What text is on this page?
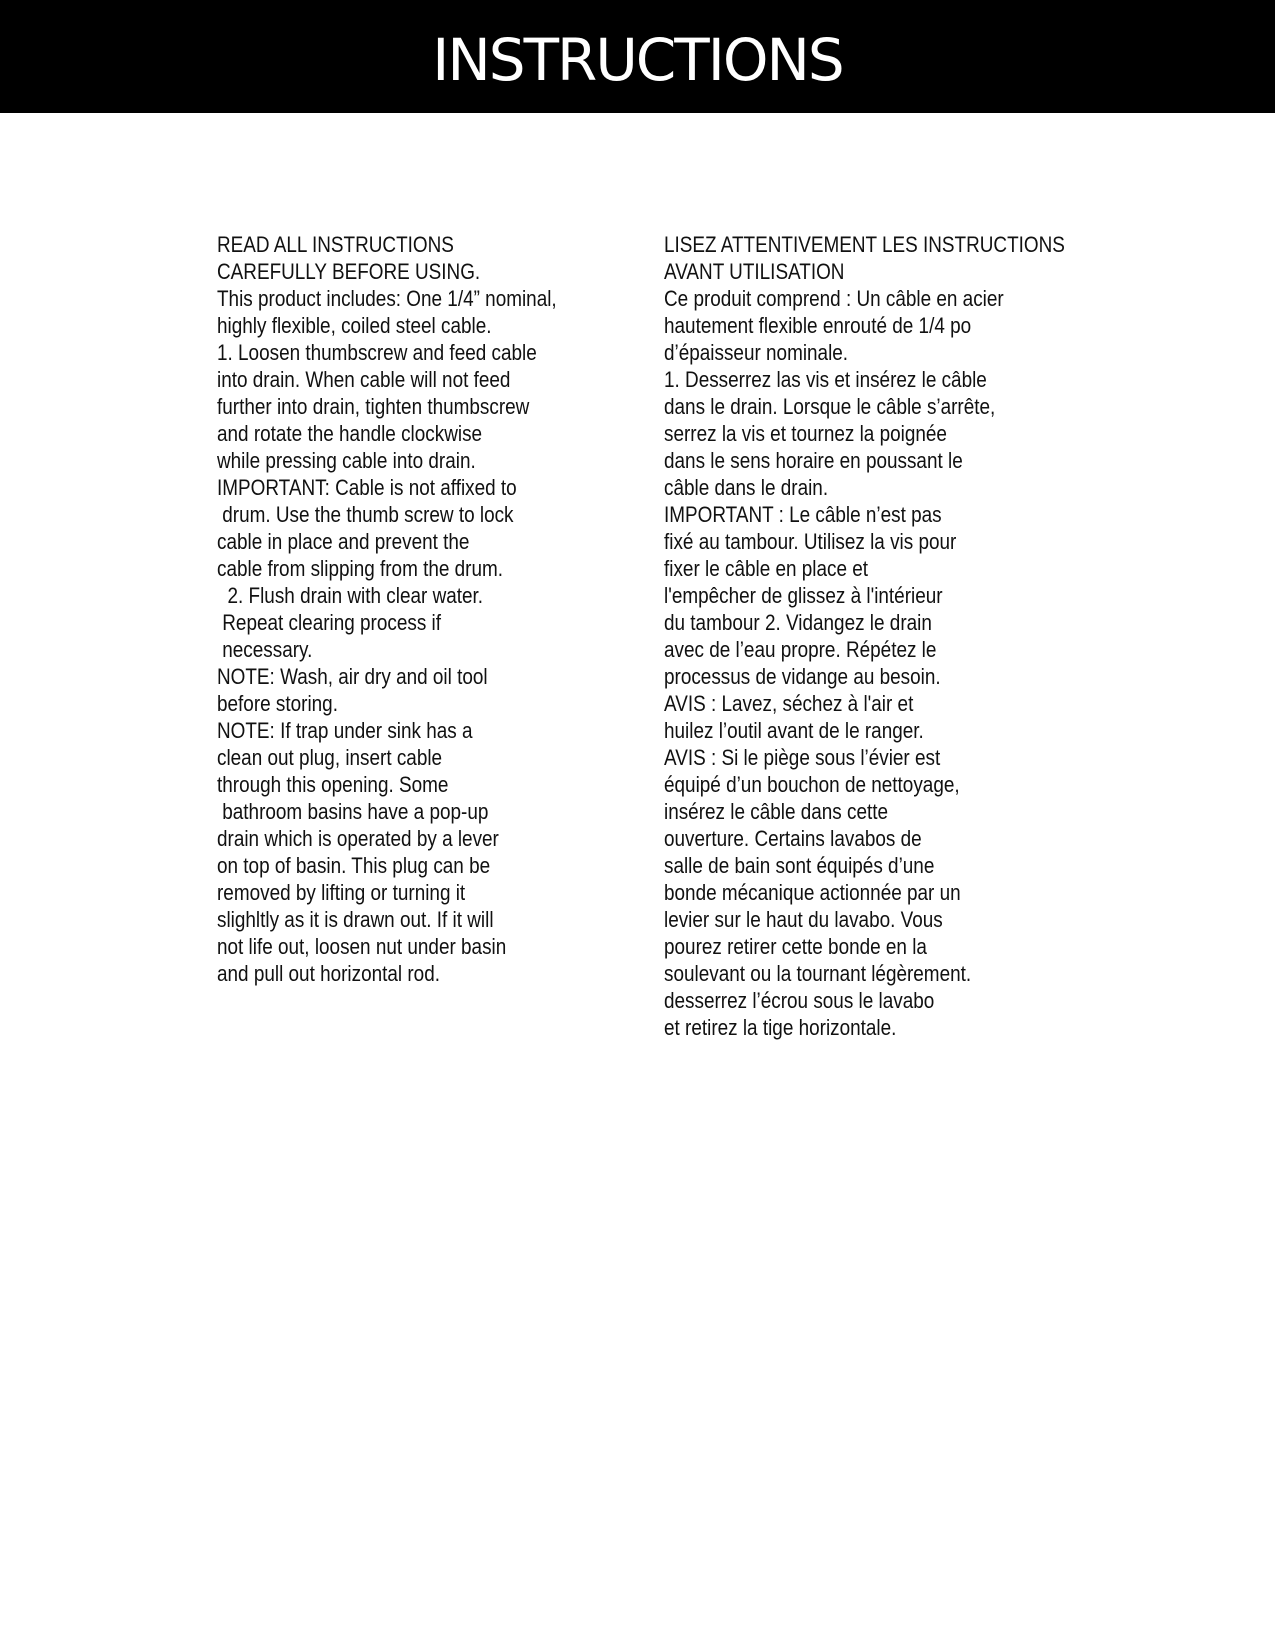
INSTRUCTIONS
READ ALL INSTRUCTIONS
CAREFULLY BEFORE USING.
This product includes: One 1/4” nominal,
highly flexible, coiled steel cable.
1. Loosen thumbscrew and feed cable
into drain. When cable will not feed
further into drain, tighten thumbscrew
and rotate the handle clockwise
while pressing cable into drain.
IMPORTANT: Cable is not affixed to
drum. Use the thumb screw to lock
cable in place and prevent the
cable from slipping from the drum.
2. Flush drain with clear water.
Repeat clearing process if
necessary.
NOTE: Wash, air dry and oil tool
before storing.
NOTE: If trap under sink has a
clean out plug, insert cable
through this opening. Some
bathroom basins have a pop-up
drain which is operated by a lever
on top of basin. This plug can be
removed by lifting or turning it
slighltly as it is drawn out. If it will
not life out, loosen nut under basin
and pull out horizontal rod.
LISEZ ATTENTIVEMENT LES INSTRUCTIONS
AVANT UTILISATION
Ce produit comprend : Un câble en acier
hautement flexible enrouté de 1/4 po
d’épaisseur nominale.
1. Desserrez las vis et insérez le câble
dans le drain. Lorsque le câble s’arrête,
serrez la vis et tournez la poignée
dans le sens horaire en poussant le
câble dans le drain.
IMPORTANT : Le câble n’est pas
fixé au tambour. Utilisez la vis pour
fixer le câble en place et
l'empêcher de glissez à l'intérieur
du tambour 2. Vidangez le drain
avec de l’eau propre. Répétez le
processus de vidange au besoin.
AVIS : Lavez, séchez à l'air et
huilez l’outil avant de le ranger.
AVIS : Si le piège sous l’évier est
équipé d’un bouchon de nettoyage,
insérez le câble dans cette
ouverture. Certains lavabos de
salle de bain sont équipés d’une
bonde mécanique actionnée par un
levier sur le haut du lavabo. Vous
pourez retirer cette bonde en la
soulevant ou la tournant légèrement.
desserrez l’écrou sous le lavabo
et retirez la tige horizontale.
